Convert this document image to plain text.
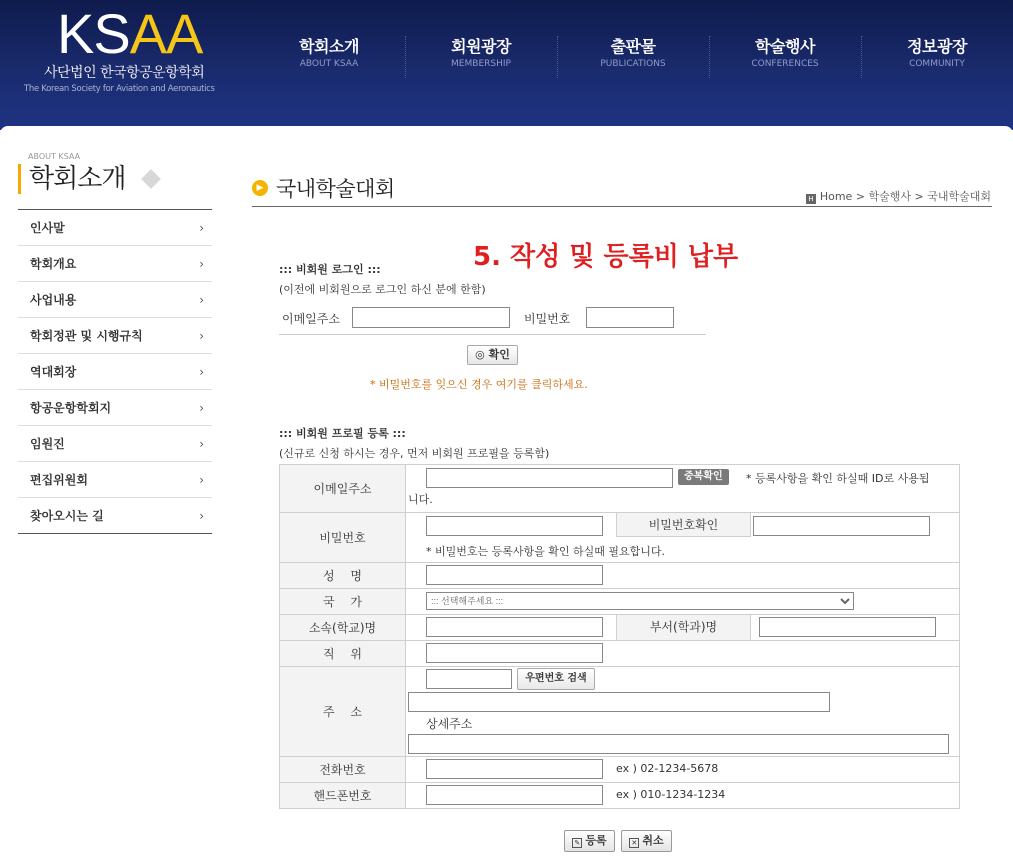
KSAA
사단법인 한국항공운항학회
The Korean Society for Aviation and Aeronautics
학회소개
ABOUT KSAA
회원광장
MEMBERSHIP
출판물
PUBLICATIONS
학술행사
CONFERENCES
정보광장
COMMUNITY
ABOUT KSAA
학회소개
인사말	›
학회개요	›
사업내용	›
학회정관 및 시행규칙	›
역대회장	›
항공운항학회지	›
임원진	›
편집위원회	›
찾아오시는 길	›
▶ 국내학술대회	H Home > 학술행사 > 국내학술대회
5. 작성 및 등록비 납부
::: 비회원 로그인 :::
(이전에 비회원으로 로그인 하신 분에 한함)
이메일주소	비밀번호
◎ 확인
* 비밀번호를 잊으신 경우 여기를 클릭하세요.
::: 비회원 프로필 등록 :::
(신규로 신청 하시는 경우, 먼저 비회원 프로필을 등록함)
이메일주소	중복확인 * 등록사항을 확인 하실때 ID로 사용됩
니다.

비밀번호	비밀번호확인
* 비밀번호는 등록사항을 확인 하실때 필요합니다.

성　 명	

국　 가	
::: 선택해주세요 :::
소속(학교)명	부서(학과)명

직　 위	

주　 소	우편번호 검색
상세주소

전화번호	ex ) 02-1234-5678

핸드폰번호	ex ) 010-1234-1234
✎ 등록	✕ 취소
